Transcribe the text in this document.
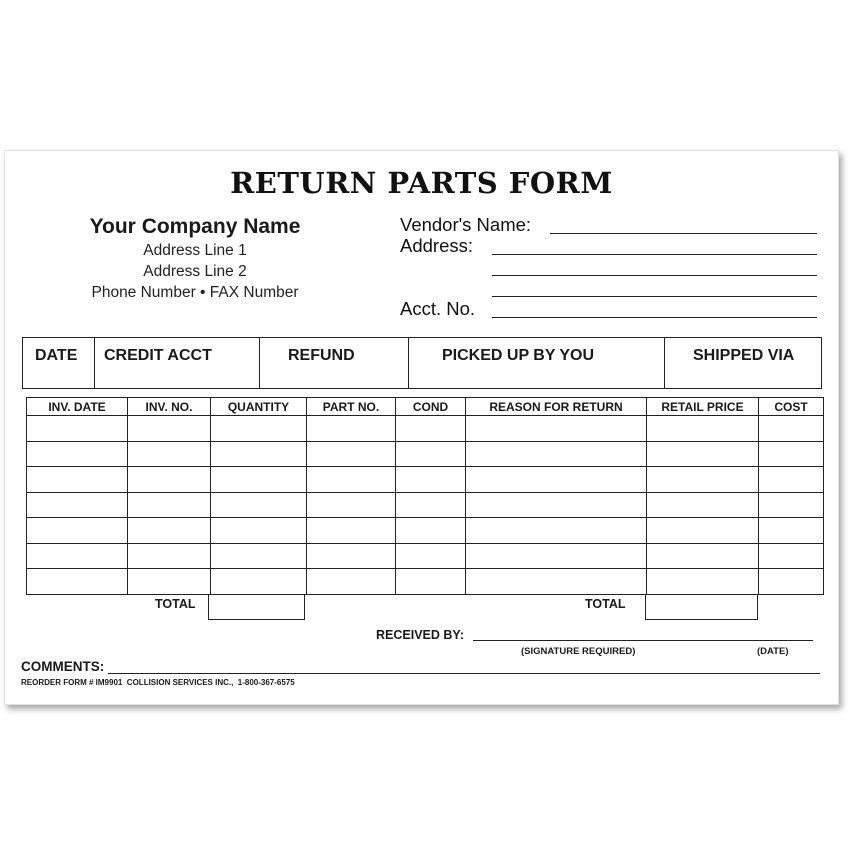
RETURN PARTS FORM
Your Company Name
Address Line 1
Address Line 2
Phone Number • FAX Number
Vendor's Name:
Address:
Acct. No.
DATE	CREDIT ACCT	REFUND	PICKED UP BY YOU	SHIPPED VIA
INV. DATE	INV. NO.	QUANTITY	PART NO.	COND	REASON FOR RETURN	RETAIL PRICE	COST

TOTAL	TOTAL
RECEIVED BY:
(SIGNATURE REQUIRED)	(DATE)
COMMENTS:
REORDER FORM # IM9901  COLLISION SERVICES INC.,  1-800-367-6575
